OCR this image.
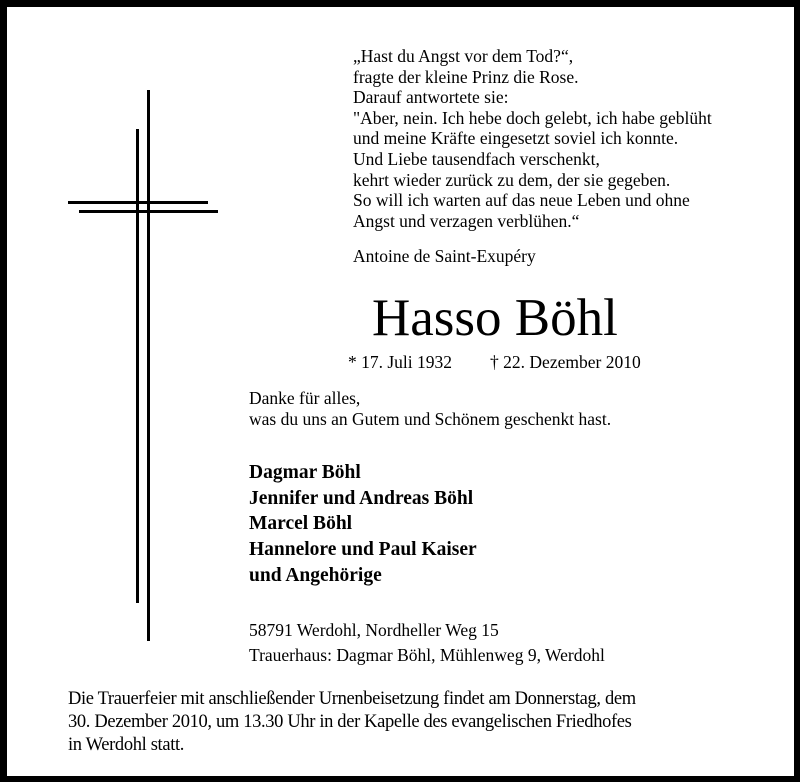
„Hast du Angst vor dem Tod?“,
fragte der kleine Prinz die Rose.
Darauf antwortete sie:
"Aber, nein. Ich hebe doch gelebt, ich habe geblüht
und meine Kräfte eingesetzt soviel ich konnte.
Und Liebe tausendfach verschenkt,
kehrt wieder zurück zu dem, der sie gegeben.
So will ich warten auf das neue Leben und ohne
Angst und verzagen verblühen.“
Antoine de Saint-Exupéry
Hasso Böhl
* 17. Juli 1932 † 22. Dezember 2010
Danke für alles,
was du uns an Gutem und Schönem geschenkt hast.
Dagmar Böhl
Jennifer und Andreas Böhl
Marcel Böhl
Hannelore und Paul Kaiser
und Angehörige
58791 Werdohl, Nordheller Weg 15
Trauerhaus: Dagmar Böhl, Mühlenweg 9, Werdohl
Die Trauerfeier mit anschließender Urnenbeisetzung findet am Donnerstag, dem
30. Dezember 2010, um 13.30 Uhr in der Kapelle des evangelischen Friedhofes
in Werdohl statt.
